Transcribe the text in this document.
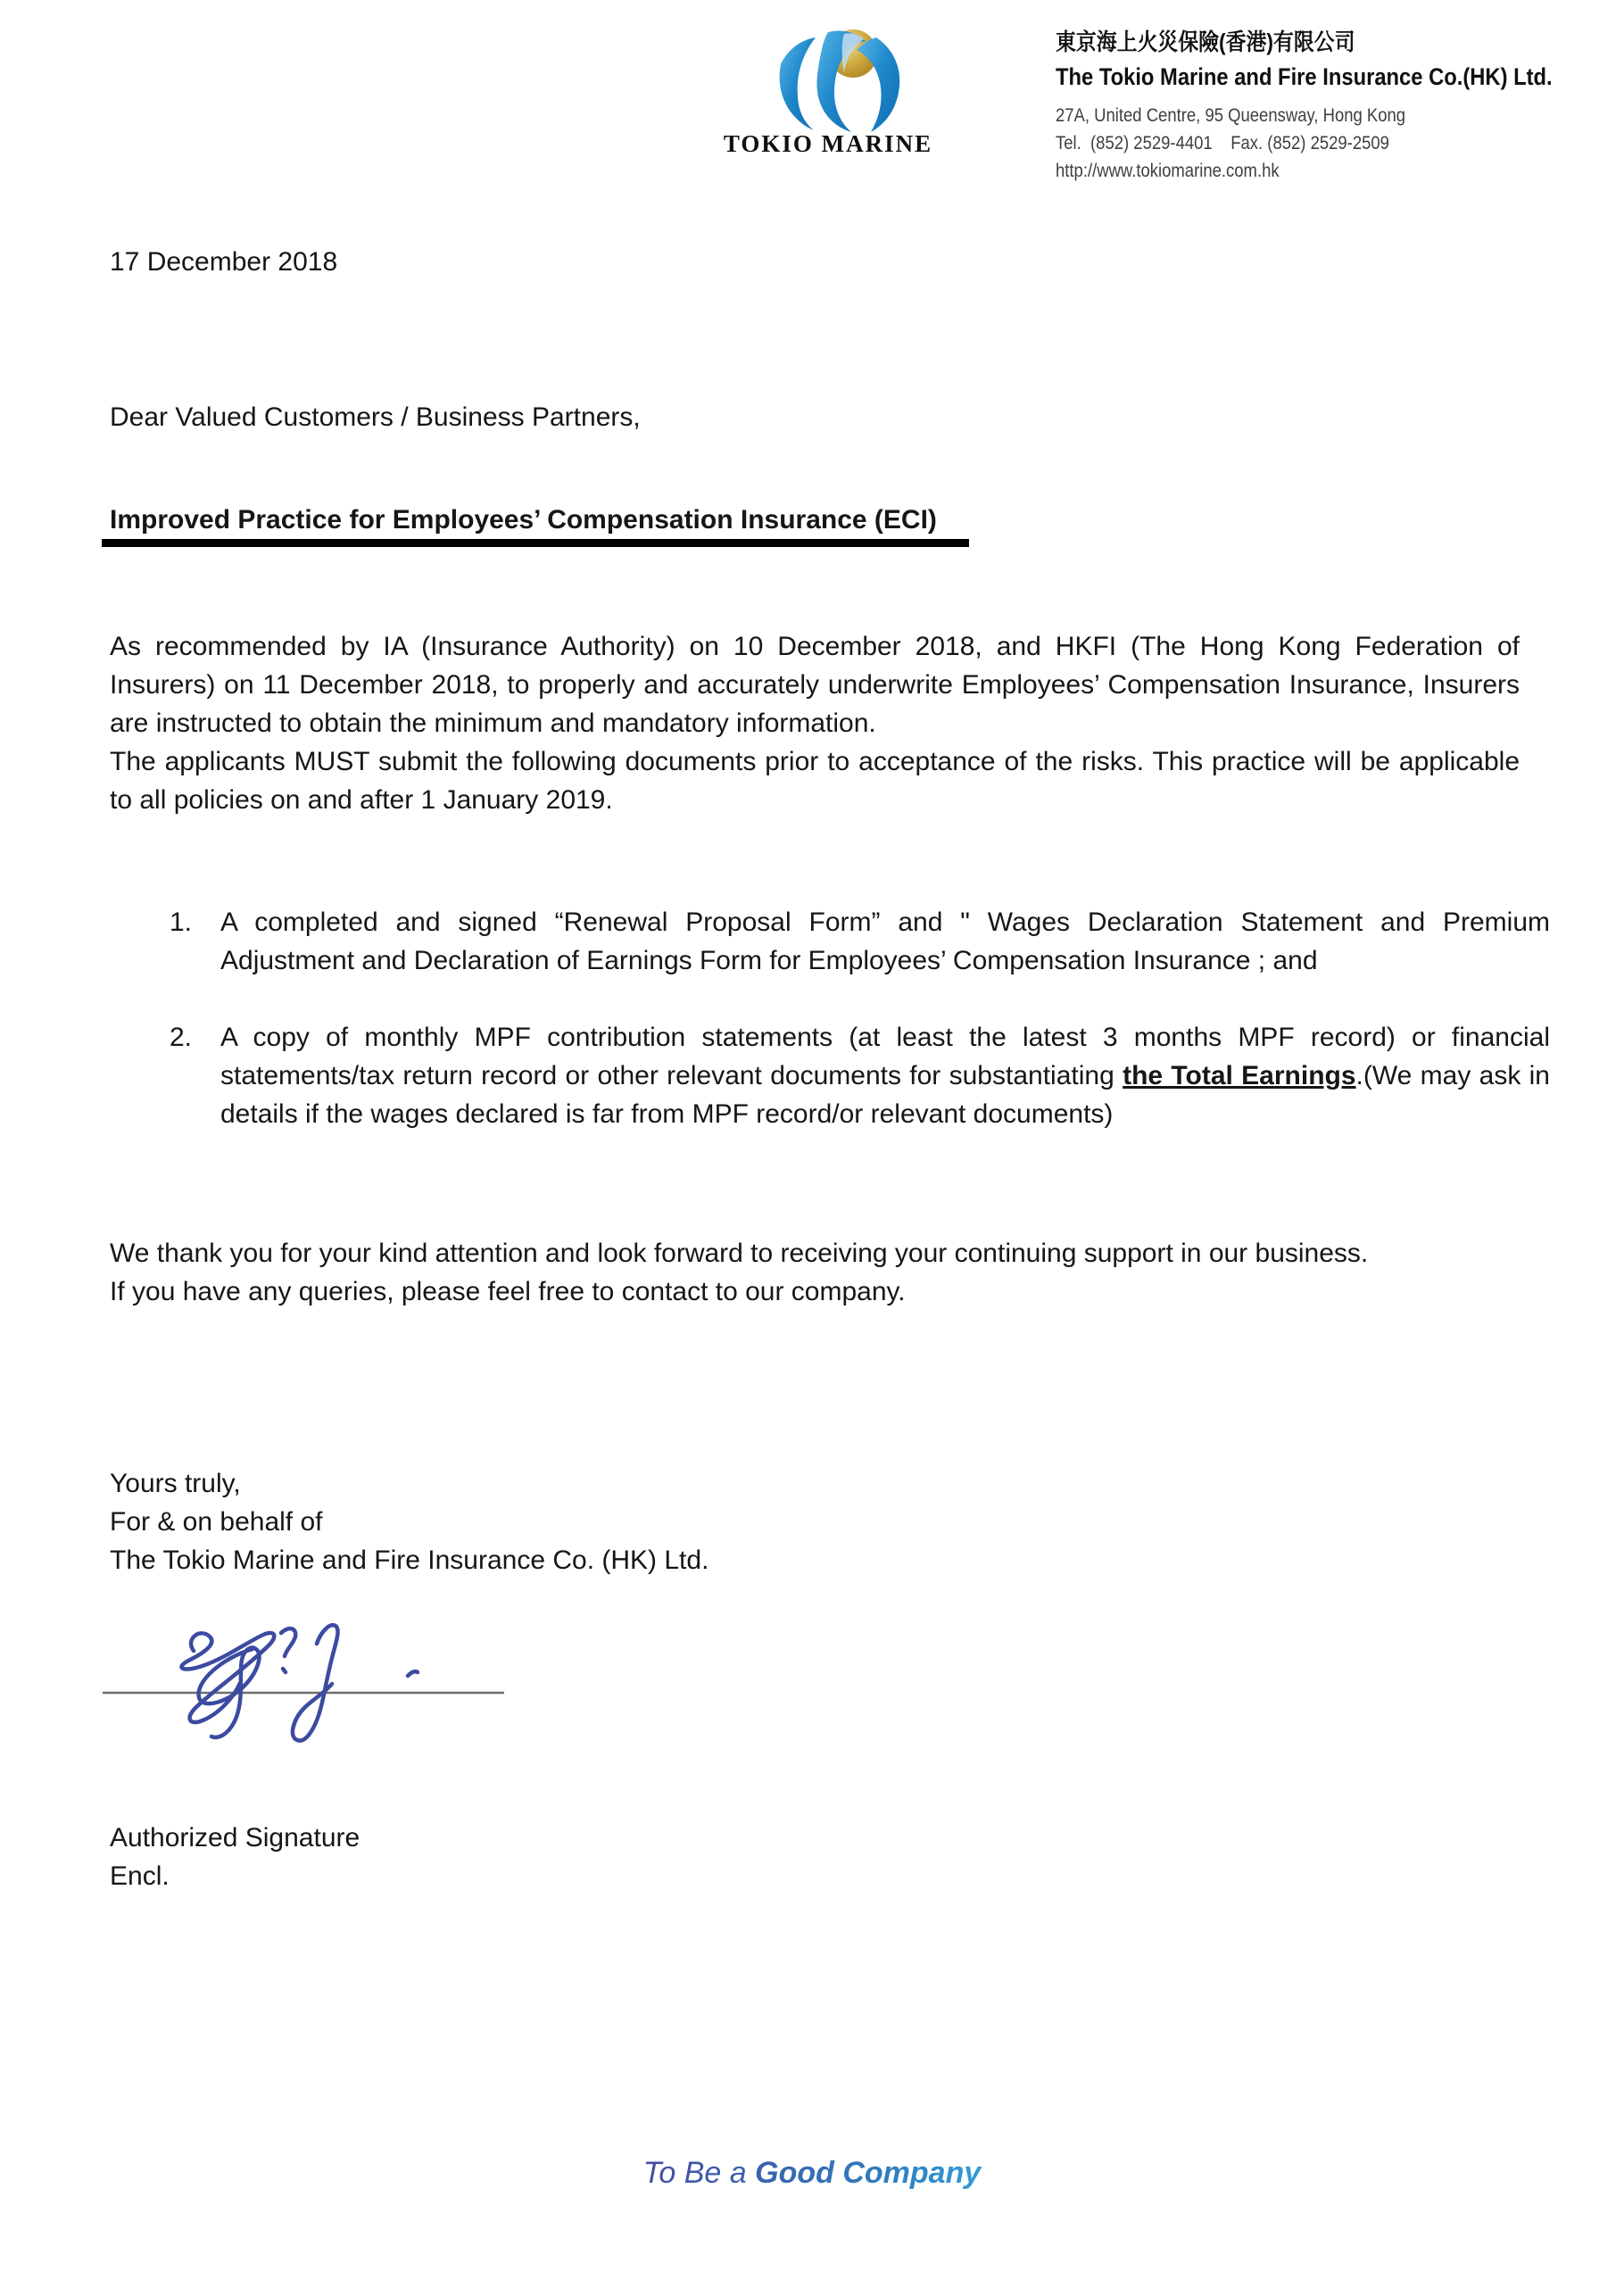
TOKIO MARINE
東京海上火災保險(香港)有限公司
The Tokio Marine and Fire Insurance Co.(HK) Ltd.
27A, United Centre, 95 Queensway, Hong Kong
Tel.  (852) 2529-4401    Fax. (852) 2529-2509
http://www.tokiomarine.com.hk
17 December 2018
Dear Valued Customers / Business Partners,
Improved Practice for Employees’ Compensation Insurance (ECI)
As recommended by IA (Insurance Authority) on 10 December 2018, and HKFI (The Hong Kong Federation of Insurers) on 11 December 2018, to properly and accurately underwrite Employees’ Compensation Insurance, Insurers are instructed to obtain the minimum and mandatory information.
The applicants MUST submit the following documents prior to acceptance of the risks. This practice will be applicable to all policies on and after 1 January 2019.
1.	A completed and signed “Renewal Proposal Form” and " Wages Declaration Statement and Premium Adjustment and Declaration of Earnings Form for Employees’ Compensation Insurance ; and
2.	A copy of monthly MPF contribution statements (at least the latest 3 months MPF record) or financial statements/tax return record or other relevant documents for substantiating the Total Earnings.(We may ask in details if the wages declared is far from MPF record/or relevant documents)
We thank you for your kind attention and look forward to receiving your continuing support in our business.
If you have any queries, please feel free to contact to our company.
Yours truly,
For & on behalf of
The Tokio Marine and Fire Insurance Co. (HK) Ltd.
Authorized Signature
Encl.
To Be a Good Company
